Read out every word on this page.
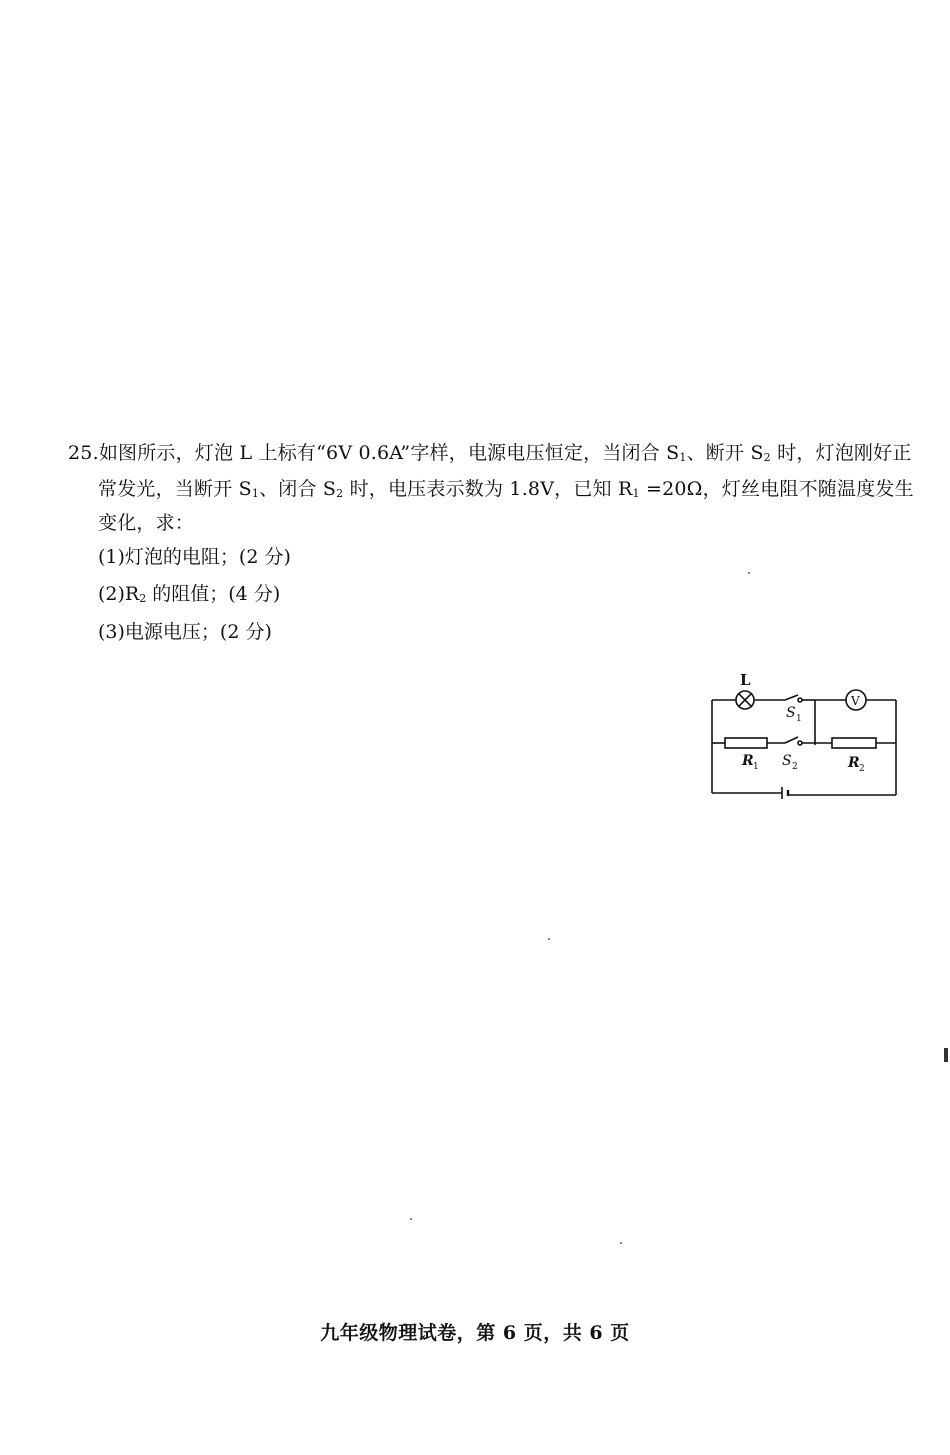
25.如图所示，灯泡 L 上标有“6V 0.6A”字样，电源电压恒定，当闭合 $S_1$、断开 $S_2$ 时，灯泡刚好正
常发光，当断开 $S_1$、闭合 $S_2$ 时，电压表示数为 1.8V，已知 $R_1 =20\Omega$，灯丝电阻不随温度发生
变化，求：
(1)灯泡的电阻；(2 分)
$(2)R_2$ 的阻值；(4 分)
(3)电源电压；(2 分)
L
S 1
S 2
R 1	R 2
V
九年级物理试卷，第 6 页，共 6 页
